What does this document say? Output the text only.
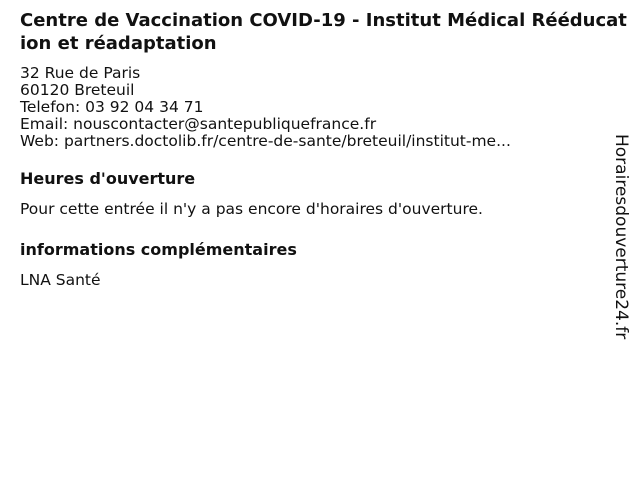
Centre de Vaccination COVID-19 - Institut Médical Rééducation et réadaptation
32 Rue de Paris
60120 Breteuil
Telefon: 03 92 04 34 71
Email: nouscontacter@santepubliquefrance.fr
Web: partners.doctolib.fr/centre-de-sante/breteuil/institut-me...
Heures d'ouverture

Pour cette entrée il n'y a pas encore d'horaires d'ouverture.

informations complémentaires

LNA Santé	Horairesdouverture24.fr
